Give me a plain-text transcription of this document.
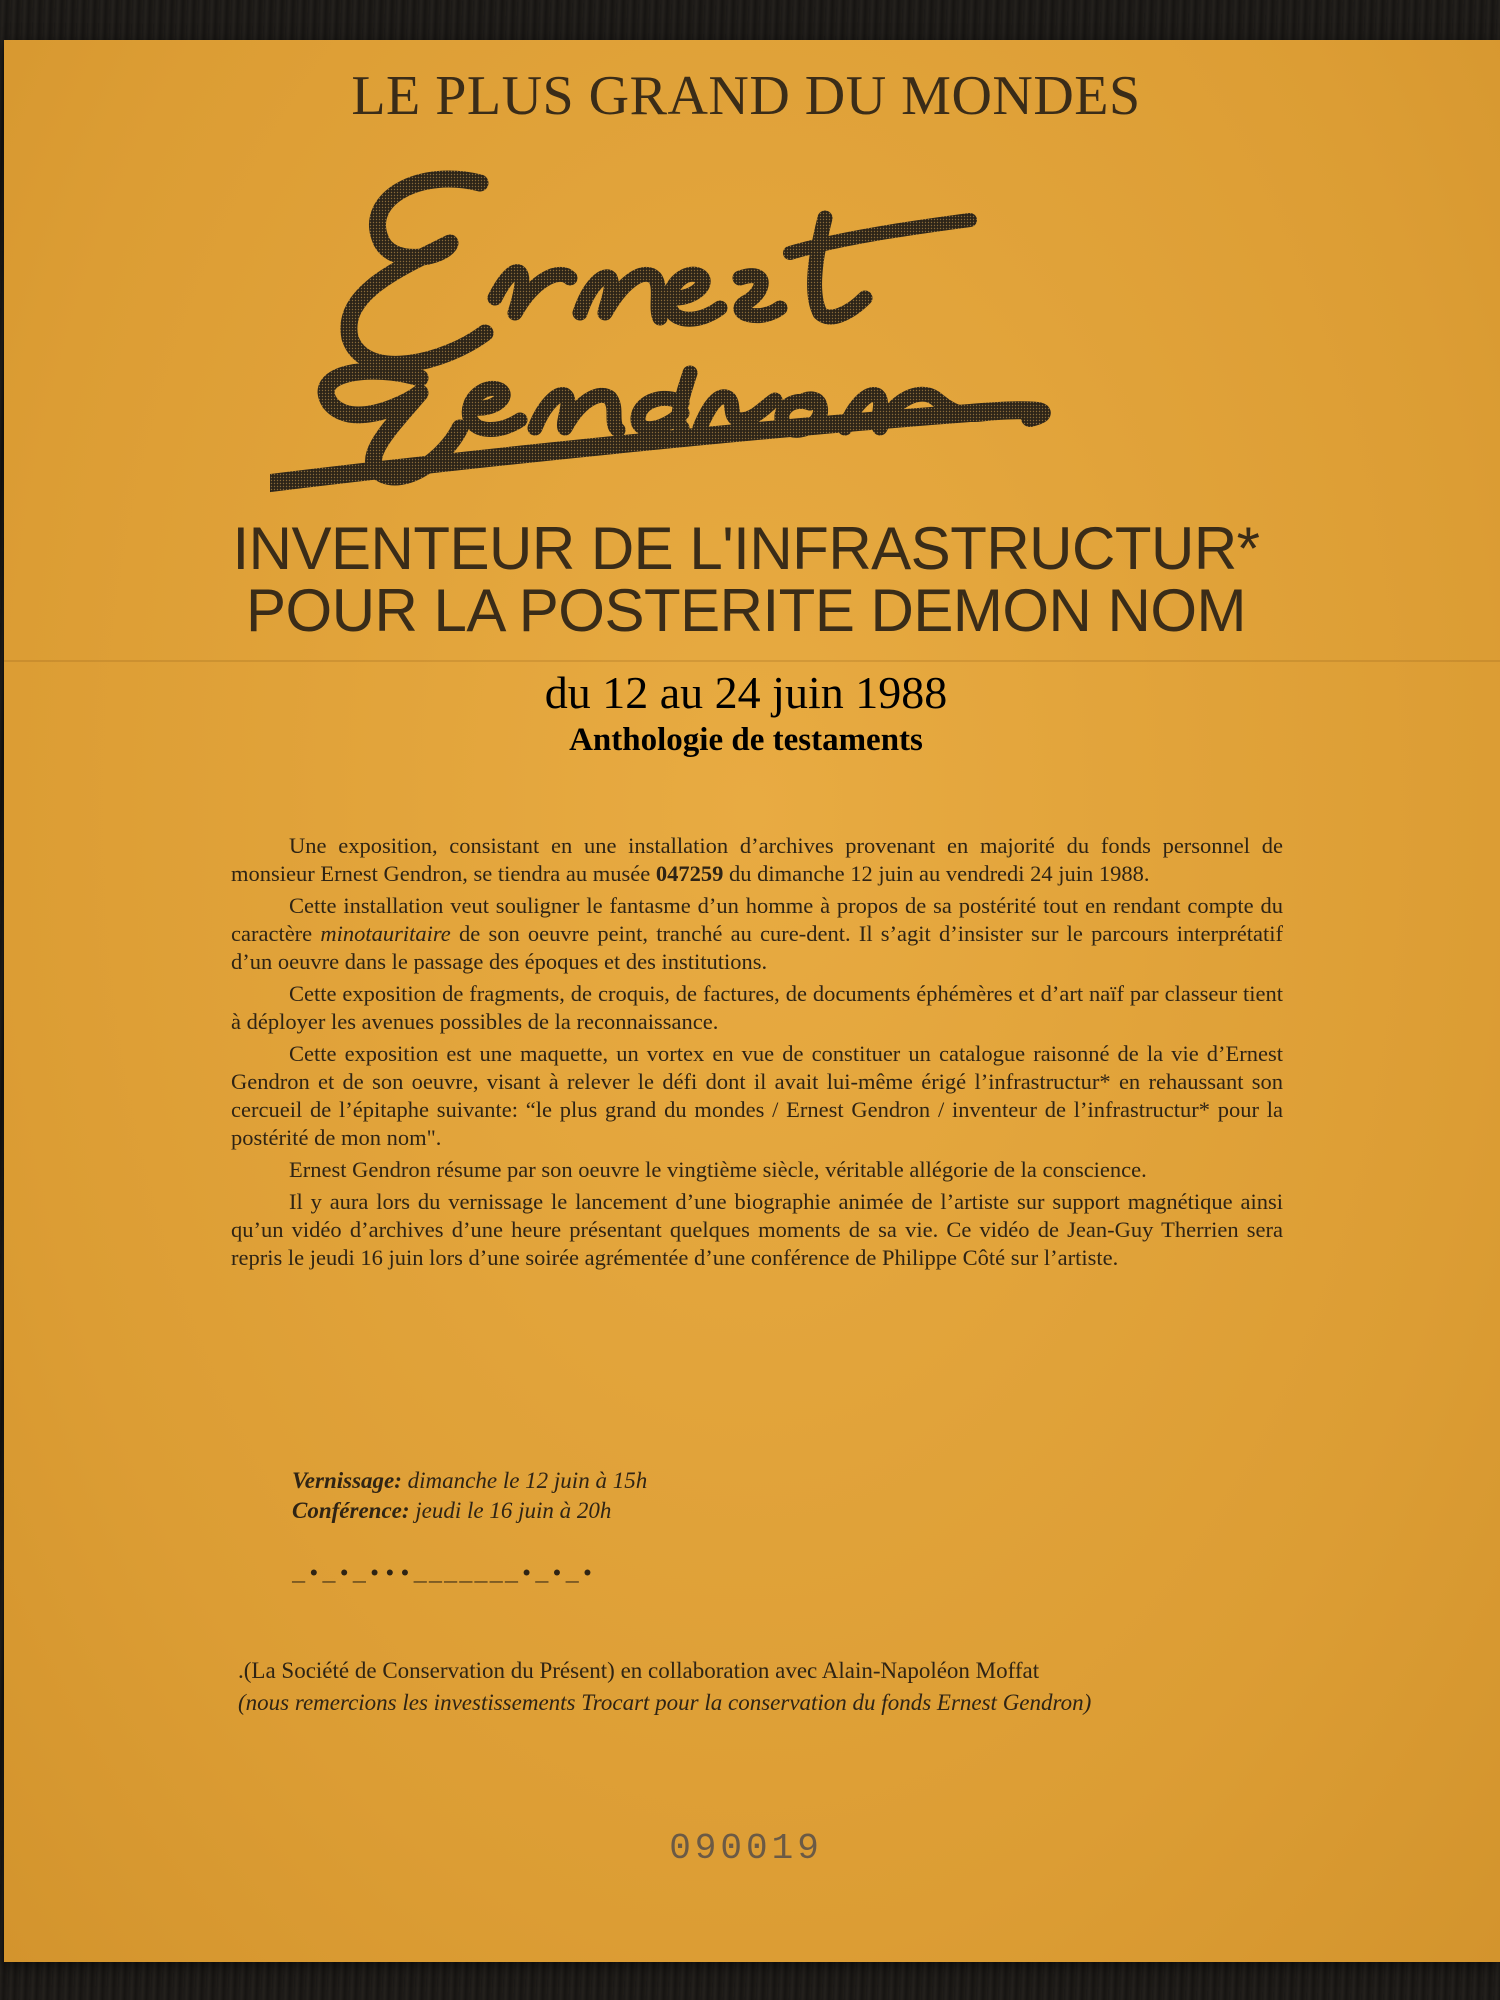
LE PLUS GRAND DU MONDES
INVENTEUR DE L'INFRASTRUCTUR*
POUR LA POSTERITE DEMON NOM
du 12 au 24 juin 1988
Anthologie de testaments

Une exposition, consistant en une installation d’archives provenant en majorité du fonds personnel de monsieur Ernest Gendron, se tiendra au musée 047259 du dimanche 12 juin au vendredi 24 juin 1988.

Cette installation veut souligner le fantasme d’un homme à propos de sa postérité tout en rendant compte du caractère minotauritaire de son oeuvre peint, tranché au cure-dent. Il s’agit d’insister sur le parcours interprétatif d’un oeuvre dans le passage des époques et des institutions.

Cette exposition de fragments, de croquis, de factures, de documents éphémères et d’art naïf par classeur tient à déployer les avenues possibles de la reconnaissance.

Cette exposition est une maquette, un vortex en vue de constituer un catalogue raisonné de la vie d’Ernest Gendron et de son oeuvre, visant à relever le défi dont il avait lui-même érigé l’infrastructur* en rehaussant son cercueil de l’épitaphe suivante: “le plus grand du mondes / Ernest Gendron / inventeur de l’infrastructur* pour la postérité de mon nom".

Ernest Gendron résume par son oeuvre le vingtième siècle, véritable allégorie de la conscience.

Il y aura lors du vernissage le lancement d’une biographie animée de l’artiste sur support magnétique ainsi qu’un vidéo d’archives d’une heure présentant quelques moments de sa vie. Ce vidéo de Jean-Guy Therrien sera repris le jeudi 16 juin lors d’une soirée agrémentée d’une conférence de Philippe Côté sur l’artiste.

Vernissage: dimanche le 12 juin à 15h
Conférence: jeudi le 16 juin à 20h
_•_•_•••_______•_•_•
.(La Société de Conservation du Présent) en collaboration avec Alain-Napoléon Moffat
(nous remercions les investissements Trocart pour la conservation du fonds Ernest Gendron)
090019
